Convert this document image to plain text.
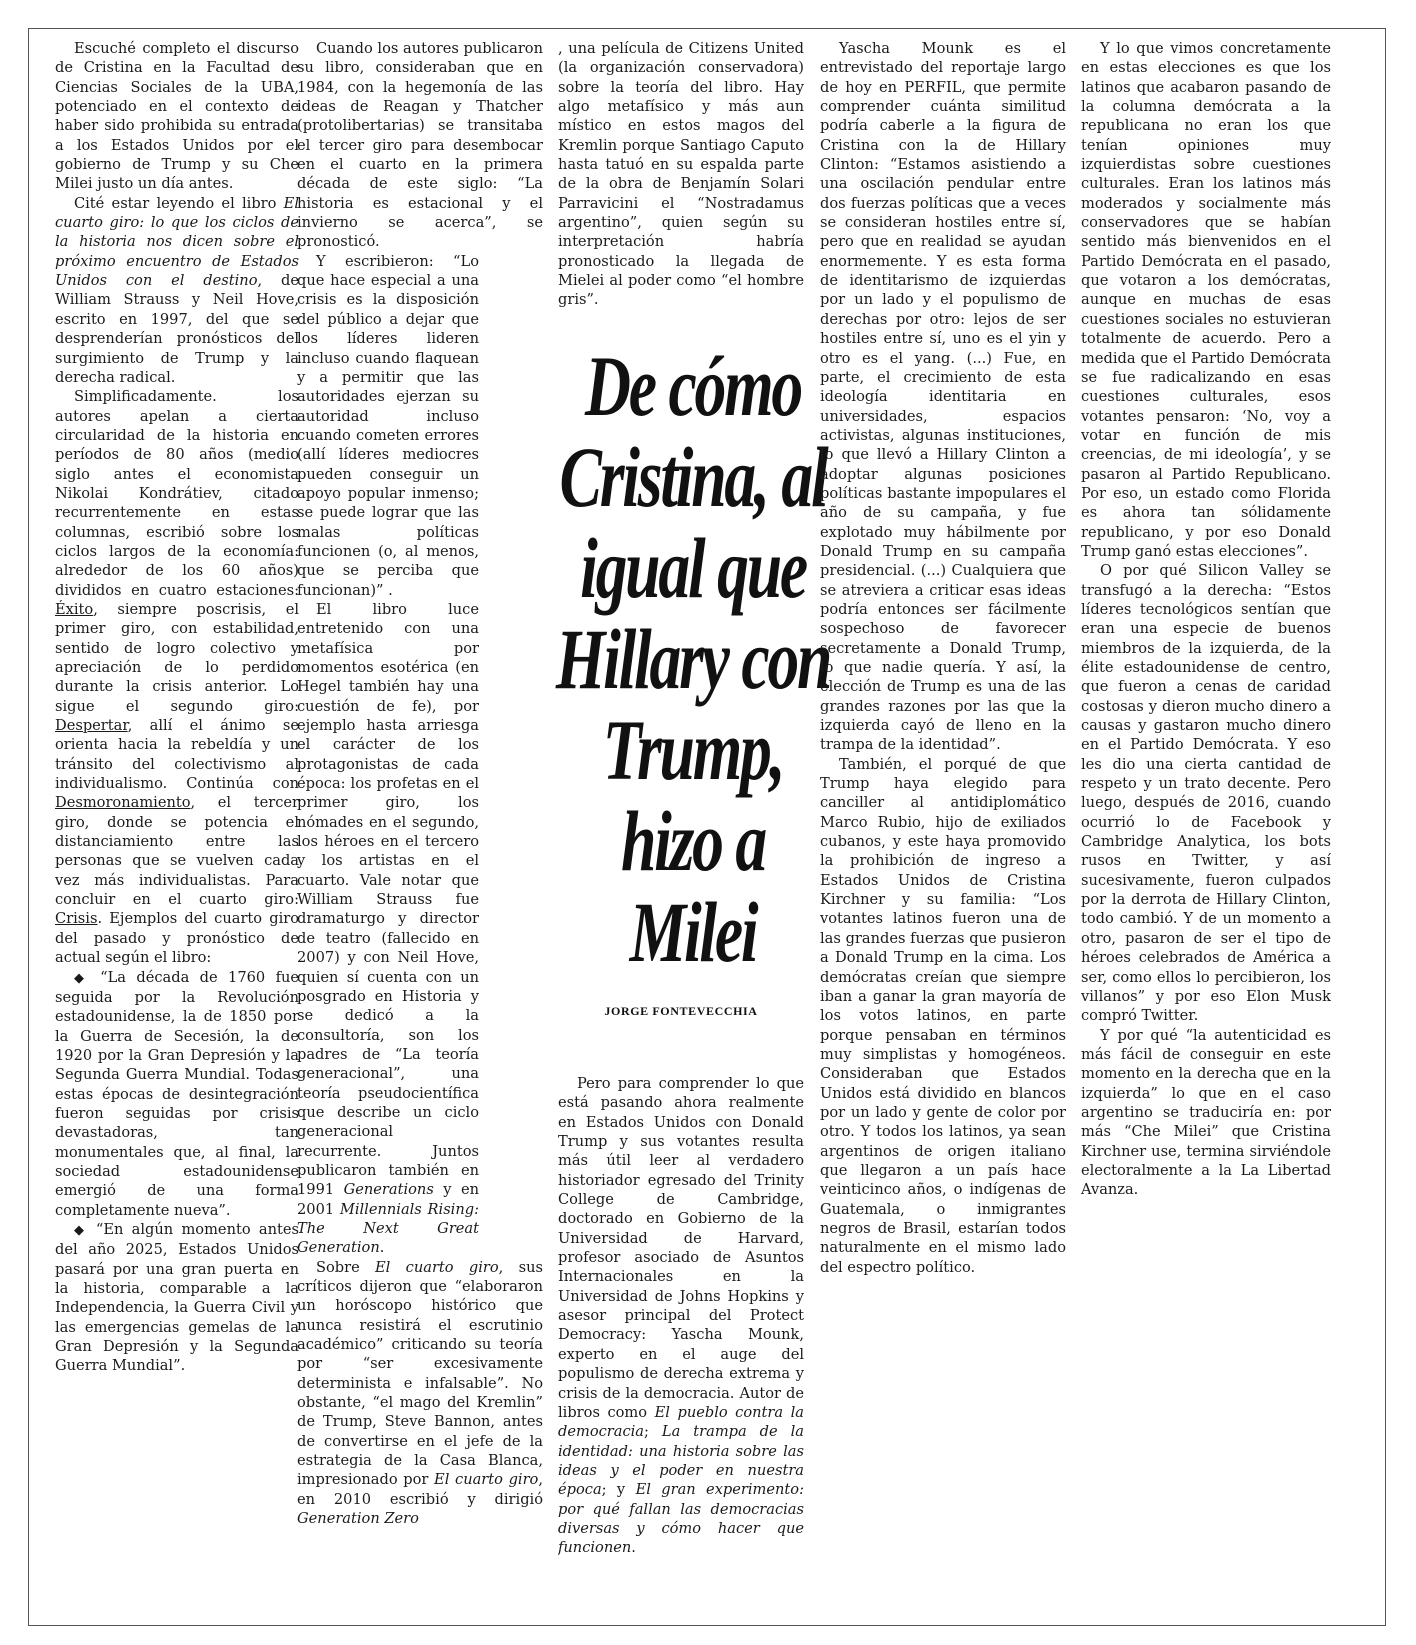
Escuché completo el discurso de Cristina en la Facultad de Ciencias Sociales de la UBA, potenciado en el contexto de haber sido prohibida su entrada a los Estados Unidos por el gobierno de Trump y su Che Milei justo un día antes.

Cité estar leyendo el libro El cuarto giro: lo que los ciclos de la historia nos dicen sobre el próximo encuentro de Estados Unidos con el destino, de William Strauss y Neil Hove, escrito en 1997, del que se desprenderían pronósticos del surgimiento de Trump y la derecha radical.

Simplificadamente. los autores apelan a cierta circularidad de la historia en períodos de 80 años (medio siglo antes el economista Nikolai Kondrátiev, citado recurrentemente en estas columnas, escribió sobre los ciclos largos de la economía: alrededor de los 60 años) divididos en cuatro estaciones: Éxito, siempre poscrisis, el primer giro, con estabilidad, sentido de logro colectivo y apreciación de lo perdido durante la crisis anterior. Lo sigue el segundo giro: Despertar, allí el ánimo se orienta hacia la rebeldía y un tránsito del colectivismo al individualismo. Continúa con Desmoronamiento, el tercer giro, donde se potencia el distanciamiento entre las personas que se vuelven cada vez más individualistas. Para concluir en el cuarto giro: Crisis. Ejemplos del cuarto giro del pasado y pronóstico de actual según el libro:

◆ “La década de 1760 fue seguida por la Revolución estadounidense, la de 1850 por la Guerra de Secesión, la de 1920 por la Gran Depresión y la Segunda Guerra Mundial. Todas estas épocas de desintegración fueron seguidas por crisis devastadoras, tan monumentales que, al final, la sociedad estadounidense emergió de una forma completamente nueva”.

◆ “En algún momento antes del año 2025, Estados Unidos pasará por una gran puerta en la historia, comparable a la Independencia, la Guerra Civil y las emergencias gemelas de la Gran Depresión y la Segunda Guerra Mundial”.

Cuando los autores publicaron su libro, consideraban que en 1984, con la hegemonía de las ideas de Reagan y Thatcher (protolibertarias) se transitaba el tercer giro para desembocar en el cuarto en la primera década de este siglo: “La historia es estacional y el invierno se acerca”, se pronosticó.

Y escribieron: “Lo que hace especial a una crisis es la disposición del público a dejar que los líderes lideren incluso cuando flaquean y a permitir que las autoridades ejerzan su autoridad incluso cuando cometen errores (allí líderes mediocres pueden conseguir un apoyo popular inmenso; se puede lograr que las malas políticas funcionen (o, al menos, que se perciba que funcionan)” .

El libro luce entretenido con una metafísica por momentos esotérica (en Hegel también hay una cuestión de fe), por ejemplo hasta arriesga el carácter de los protagonistas de cada época: los profetas en el primer giro, los nómades en el segundo, los héroes en el tercero y los artistas en el cuarto. Vale notar que William Strauss fue dramaturgo y director de teatro (fallecido en 2007) y con Neil Hove, quien sí cuenta con un posgrado en Historia y se dedicó a la consultoría, son los padres de “La teoría generacional”, una teoría pseudocientífica que describe un ciclo generacional recurrente. Juntos publicaron también en 1991 Generations y en 2001 Millennials Rising: The Next Great Generation.

Sobre El cuarto giro, sus críticos dijeron que “elaboraron un horóscopo histórico que nunca resistirá el escrutinio académico” criticando su teoría por “ser excesivamente determinista e infalsable”. No obstante, “el mago del Kremlin” de Trump, Steve Bannon, antes de convertirse en el jefe de la estrategia de la Casa Blanca, impresionado por El cuarto giro, en 2010 escribió y dirigió Generation Zero

, una película de Citizens United (la organización conservadora) sobre la teoría del libro. Hay algo metafísico y más aun místico en estos magos del Kremlin porque Santiago Caputo hasta tatuó en su espalda parte de la obra de Benjamín Solari Parravicini el “Nostradamus argentino”, quien según su interpretación habría pronosticado la llegada de Mielei al poder como “el hombre gris”.

De cómo Cristina, al igual que Hillary con Trump, hizo a Milei
JORGE FONTEVECCHIA

Pero para comprender lo que está pasando ahora realmente en Estados Unidos con Donald Trump y sus votantes resulta más útil leer al verdadero historiador egresado del Trinity College de Cambridge, doctorado en Gobierno de la Universidad de Harvard, profesor asociado de Asuntos Internacionales en la Universidad de Johns Hopkins y asesor principal del Protect Democracy: Yascha Mounk, experto en el auge del populismo de derecha extrema y crisis de la democracia. Autor de libros como El pueblo contra la democracia; La trampa de la identidad: una historia sobre las ideas y el poder en nuestra época; y El gran experimento: por qué fallan las democracias diversas y cómo hacer que funcionen.

Yascha Mounk es el entrevistado del reportaje largo de hoy en PERFIL, que permite comprender cuánta similitud podría caberle a la figura de Cristina con la de Hillary Clinton: “Estamos asistiendo a una oscilación pendular entre dos fuerzas políticas que a veces se consideran hostiles entre sí, pero que en realidad se ayudan enormemente. Y es esta forma de identitarismo de izquierdas por un lado y el populismo de derechas por otro: lejos de ser hostiles entre sí, uno es el yin y otro es el yang. (...) Fue, en parte, el crecimiento de esta ideología identitaria en universidades, espacios activistas, algunas instituciones, lo que llevó a Hillary Clinton a adoptar algunas posiciones políticas bastante impopulares el año de su campaña, y fue explotado muy hábilmente por Donald Trump en su campaña presidencial. (...) Cualquiera que se atreviera a criticar esas ideas podría entonces ser fácilmente sospechoso de favorecer secretamente a Donald Trump, lo que nadie quería. Y así, la elección de Trump es una de las grandes razones por las que la izquierda cayó de lleno en la trampa de la identidad”.

También, el porqué de que Trump haya elegido para canciller al antidiplomático Marco Rubio, hijo de exiliados cubanos, y este haya promovido la prohibición de ingreso a Estados Unidos de Cristina Kirchner y su familia: “Los votantes latinos fueron una de las grandes fuerzas que pusieron a Donald Trump en la cima. Los demócratas creían que siempre iban a ganar la gran mayoría de los votos latinos, en parte porque pensaban en términos muy simplistas y homogéneos. Consideraban que Estados Unidos está dividido en blancos por un lado y gente de color por otro. Y todos los latinos, ya sean argentinos de origen italiano que llegaron a un país hace veinticinco años, o indígenas de Guatemala, o inmigrantes negros de Brasil, estarían todos naturalmente en el mismo lado del espectro político.

Y lo que vimos concretamente en estas elecciones es que los latinos que acabaron pasando de la columna demócrata a la republicana no eran los que tenían opiniones muy izquierdistas sobre cuestiones culturales. Eran los latinos más moderados y socialmente más conservadores que se habían sentido más bienvenidos en el Partido Demócrata en el pasado, que votaron a los demócratas, aunque en muchas de esas cuestiones sociales no estuvieran totalmente de acuerdo. Pero a medida que el Partido Demócrata se fue radicalizando en esas cuestiones culturales, esos votantes pensaron: ‘No, voy a votar en función de mis creencias, de mi ideología’, y se pasaron al Partido Republicano. Por eso, un estado como Florida es ahora tan sólidamente republicano, y por eso Donald Trump ganó estas elecciones”.

O por qué Silicon Valley se transfugó a la derecha: “Estos líderes tecnológicos sentían que eran una especie de buenos miembros de la izquierda, de la élite estadounidense de centro, que fueron a cenas de caridad costosas y dieron mucho dinero a causas y gastaron mucho dinero en el Partido Demócrata. Y eso les dio una cierta cantidad de respeto y un trato decente. Pero luego, después de 2016, cuando ocurrió lo de Facebook y Cambridge Analytica, los bots rusos en Twitter, y así sucesivamente, fueron culpados por la derrota de Hillary Clinton, todo cambió. Y de un momento a otro, pasaron de ser el tipo de héroes celebrados de América a ser, como ellos lo percibieron, los villanos” y por eso Elon Musk compró Twitter.

Y por qué “la autenticidad es más fácil de conseguir en este momento en la derecha que en la izquierda” lo que en el caso argentino se traduciría en: por más “Che Milei” que Cristina Kirchner use, termina sirviéndole electoralmente a la La Libertad Avanza.
